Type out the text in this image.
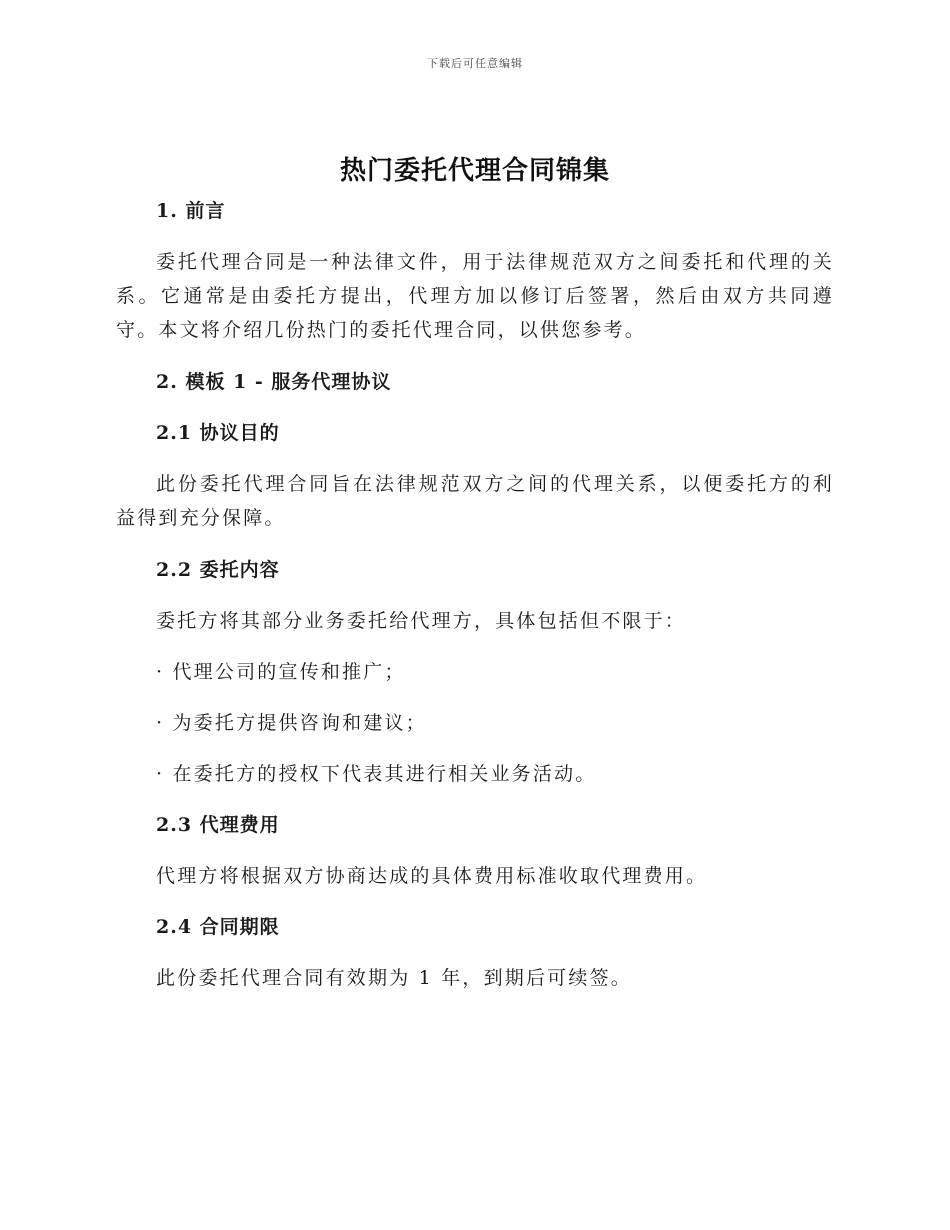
下载后可任意编辑
热门委托代理合同锦集

1. 前言

委托代理合同是一种法律文件，用于法律规范双方之间委托和代理的关系。它通常是由委托方提出，代理方加以修订后签署，然后由双方共同遵守。本文将介绍几份热门的委托代理合同，以供您参考。

2. 模板 1 - 服务代理协议

2.1 协议目的

此份委托代理合同旨在法律规范双方之间的代理关系，以便委托方的利益得到充分保障。

2.2 委托内容

委托方将其部分业务委托给代理方，具体包括但不限于：

· 代理公司的宣传和推广；

· 为委托方提供咨询和建议；

· 在委托方的授权下代表其进行相关业务活动。

2.3 代理费用

代理方将根据双方协商达成的具体费用标准收取代理费用。

2.4 合同期限

此份委托代理合同有效期为 1 年，到期后可续签。
